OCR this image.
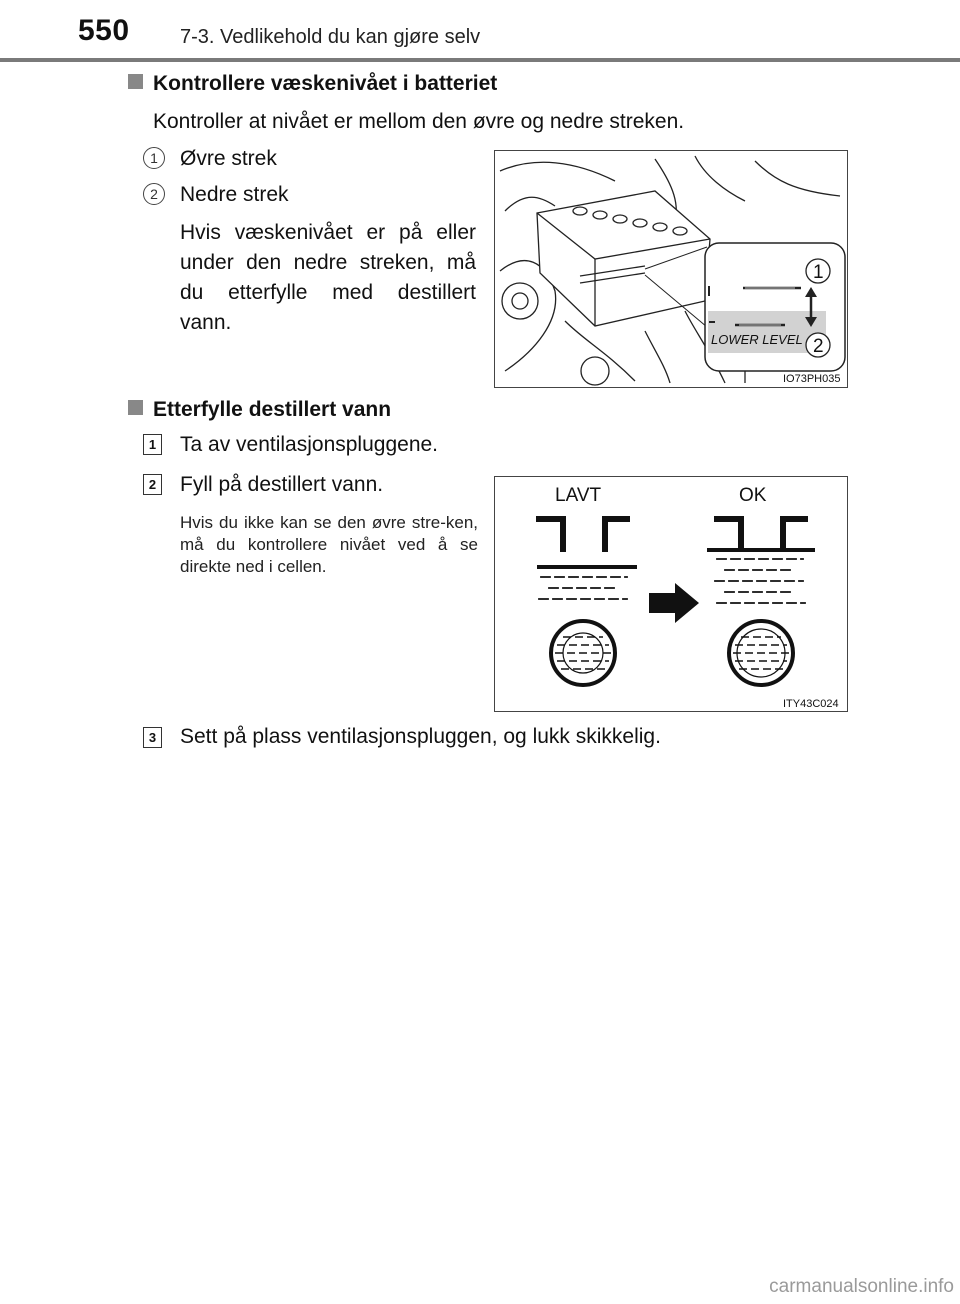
550	7-3. Vedlikehold du kan gjøre selv
Kontrollere væskenivået i batteriet
Kontroller at nivået er mellom den øvre og nedre streken.
1	Øvre strek
2	Nedre strek
Hvis væskenivået er på eller under den nedre streken, må du etterfylle med destillert vann.
LOWER LEVEL
1
2
IO73PH035
Etterfylle destillert vann
1 Ta av ventilasjonspluggene.
2 Fyll på destillert vann.
Hvis du ikke kan se den øvre stre-ken, må du kontrollere nivået ved å se direkte ned i cellen.
LAVT	OK
ITY43C024
3 Sett på plass ventilasjonspluggen, og lukk skikkelig.
carmanualsonline.info
